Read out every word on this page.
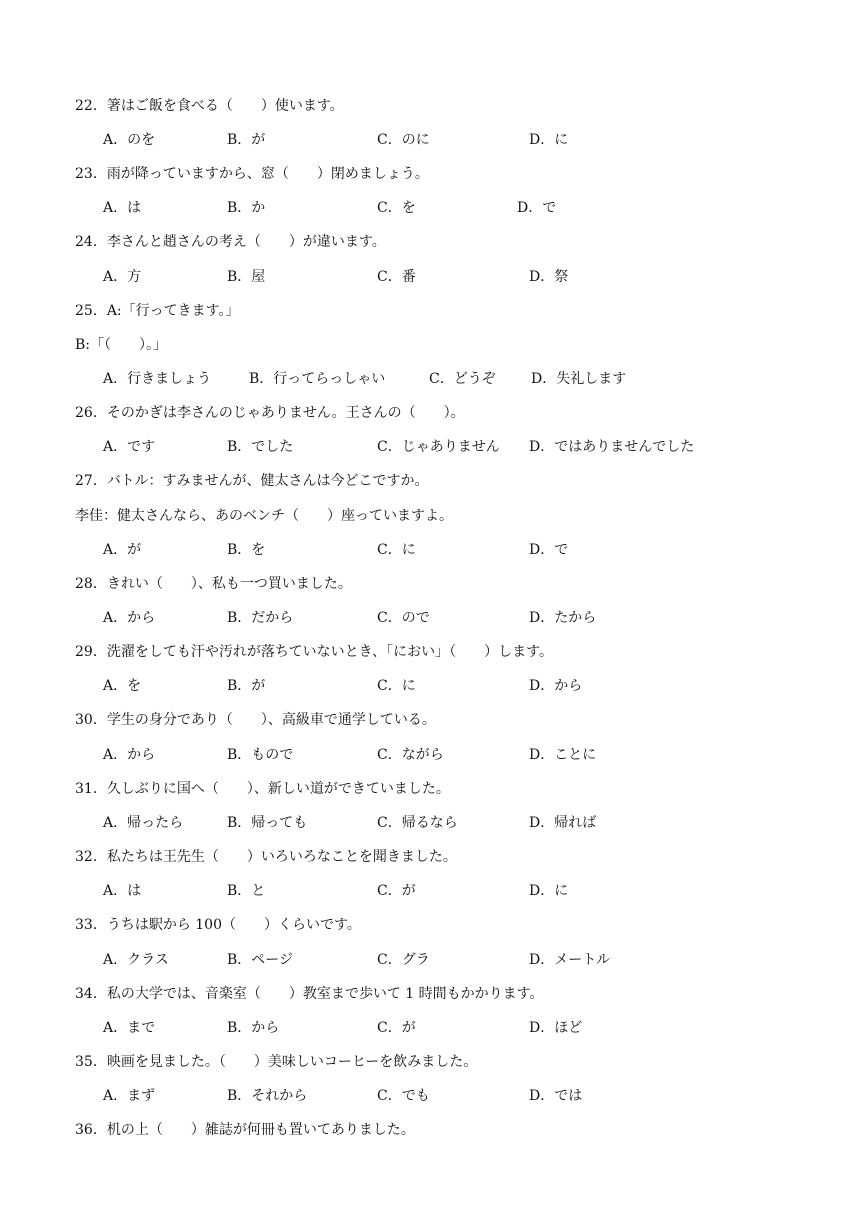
22．箸はご飯を食べる（　　）使います。
A．のを	B．が	C．のに	D．に
23．雨が降っていますから、窓（　　）閉めましょう。
A．は	B．か	C．を	D．で
24．李さんと趙さんの考え（　　）が違います。
A．方	B．屋	C．番	D．祭
25．A:「行ってきます。」
B:「（　　）。」
A．行きましょう	B．行ってらっしゃい	C．どうぞ	D．失礼します
26．そのかぎは李さんのじゃありません。王さんの（　　）。
A．です	B．でした	C．じゃありません D．ではありませんでした
27．バトル：すみませんが、健太さんは今どこですか。
李佳：健太さんなら、あのベンチ（　　）座っていますよ。
A．が	B．を	C．に	D．で
28．きれい（　　）、私も一つ買いました。
A．から	B．だから	C．ので	D．たから
29．洗濯をしても汗や汚れが落ちていないとき、「におい」（　　）します。
A．を	B．が	C．に	D．から
30．学生の身分であり（　　）、高級車で通学している。
A．から	B．もので	C．ながら	D．ことに
31．久しぶりに国へ（　　）、新しい道ができていました。
A．帰ったら	B．帰っても	C．帰るなら	D．帰れば
32．私たちは王先生（　　）いろいろなことを聞きました。
A．は	B．と	C．が	D．に
33．うちは駅から 100（　　）くらいです。
A．クラス	B．ページ	C．グラ	D．メートル
34．私の大学では、音楽室（　　）教室まで歩いて 1 時間もかかります。
A．まで	B．から	C．が	D．ほど
35．映画を見ました。（　　）美味しいコーヒーを飲みました。
A．まず	B．それから	C．でも	D．では
36．机の上（　　）雑誌が何冊も置いてありました。
